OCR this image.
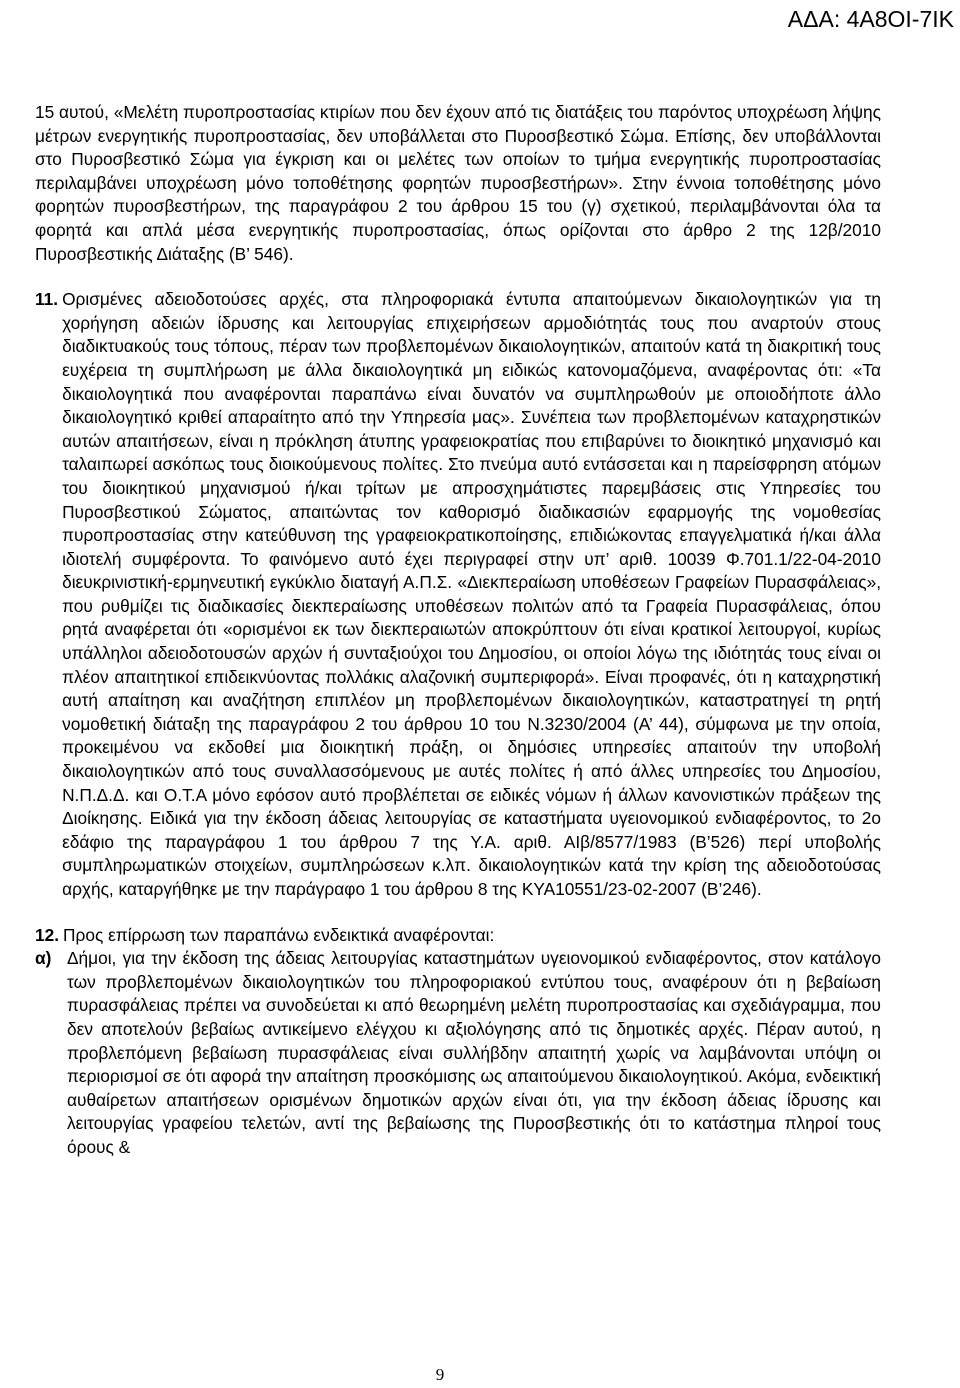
ΑΔΑ: 4Α8ΟΙ-7ΙΚ

15 αυτού, «Μελέτη πυροπροστασίας κτιρίων που δεν έχουν από τις διατάξεις του παρόντος υποχρέωση λήψης μέτρων ενεργητικής πυροπροστασίας, δεν υποβάλλεται στο Πυροσβεστικό Σώμα. Επίσης, δεν υποβάλλονται στο Πυροσβεστικό Σώμα για έγκριση και οι μελέτες των οποίων το τμήμα ενεργητικής πυροπροστασίας περιλαμβάνει υποχρέωση μόνο τοποθέτησης φορητών πυροσβεστήρων». Στην έννοια τοποθέτησης μόνο φορητών πυροσβεστήρων, της παραγράφου 2 του άρθρου 15 του (γ) σχετικού, περιλαμβάνονται όλα τα φορητά και απλά μέσα ενεργητικής πυροπροστασίας, όπως ορίζονται στο άρθρο 2 της 12β/2010 Πυροσβεστικής Διάταξης (Β’ 546).

11. Ορισμένες αδειοδοτούσες αρχές, στα πληροφοριακά έντυπα απαιτούμενων δικαιολογητικών για τη χορήγηση αδειών ίδρυσης και λειτουργίας επιχειρήσεων αρμοδιότητάς τους που αναρτούν στους διαδικτυακούς τους τόπους, πέραν των προβλεπομένων δικαιολογητικών, απαιτούν κατά τη διακριτική τους ευχέρεια τη συμπλήρωση με άλλα δικαιολογητικά μη ειδικώς κατονομαζόμενα, αναφέροντας ότι: «Τα δικαιολογητικά που αναφέρονται παραπάνω είναι δυνατόν να συμπληρωθούν με οποιοδήποτε άλλο δικαιολογητικό κριθεί απαραίτητο από την Υπηρεσία μας». Συνέπεια των προβλεπομένων καταχρηστικών αυτών απαιτήσεων, είναι η πρόκληση άτυπης γραφειοκρατίας που επιβαρύνει το διοικητικό μηχανισμό και ταλαιπωρεί ασκόπως τους διοικούμενους πολίτες. Στο πνεύμα αυτό εντάσσεται και η παρείσφρηση ατόμων του διοικητικού μηχανισμού ή/και τρίτων με απροσχημάτιστες παρεμβάσεις στις Υπηρεσίες του Πυροσβεστικού Σώματος, απαιτώντας τον καθορισμό διαδικασιών εφαρμογής της νομοθεσίας πυροπροστασίας στην κατεύθυνση της γραφειοκρατικοποίησης, επιδιώκοντας επαγγελματικά ή/και άλλα ιδιοτελή συμφέροντα. Το φαινόμενο αυτό έχει περιγραφεί στην υπ’ αριθ. 10039 Φ.701.1/22-04-2010 διευκρινιστική-ερμηνευτική εγκύκλιο διαταγή Α.Π.Σ. «Διεκπεραίωση υποθέσεων Γραφείων Πυρασφάλειας», που ρυθμίζει τις διαδικασίες διεκπεραίωσης υποθέσεων πολιτών από τα Γραφεία Πυρασφάλειας, όπου ρητά αναφέρεται ότι «ορισμένοι εκ των διεκπεραιωτών αποκρύπτουν ότι είναι κρατικοί λειτουργοί, κυρίως υπάλληλοι αδειοδοτουσών αρχών ή συνταξιούχοι του Δημοσίου, οι οποίοι λόγω της ιδιότητάς τους είναι οι πλέον απαιτητικοί επιδεικνύοντας πολλάκις αλαζονική συμπεριφορά». Είναι προφανές, ότι η καταχρηστική αυτή απαίτηση και αναζήτηση επιπλέον μη προβλεπομένων δικαιολογητικών, καταστρατηγεί τη ρητή νομοθετική διάταξη της παραγράφου 2 του άρθρου 10 του Ν.3230/2004 (Α’ 44), σύμφωνα με την οποία, προκειμένου να εκδοθεί μια διοικητική πράξη, οι δημόσιες υπηρεσίες απαιτούν την υποβολή δικαιολογητικών από τους συναλλασσόμενους με αυτές πολίτες ή από άλλες υπηρεσίες του Δημοσίου, Ν.Π.Δ.Δ. και Ο.Τ.Α μόνο εφόσον αυτό προβλέπεται σε ειδικές νόμων ή άλλων κανονιστικών πράξεων της Διοίκησης. Ειδικά για την έκδοση άδειας λειτουργίας σε καταστήματα υγειονομικού ενδιαφέροντος, το 2ο εδάφιο της παραγράφου 1 του άρθρου 7 της Υ.Α. αριθ. ΑΙβ/8577/1983 (Β’526) περί υποβολής συμπληρωματικών στοιχείων, συμπληρώσεων κ.λπ. δικαιολογητικών κατά την κρίση της αδειοδοτούσας αρχής, καταργήθηκε με την παράγραφο 1 του άρθρου 8 της ΚΥΑ10551/23-02-2007 (Β’246).
12. Προς επίρρωση των παραπάνω ενδεικτικά αναφέρονται:
α) Δήμοι, για την έκδοση της άδειας λειτουργίας καταστημάτων υγειονομικού ενδιαφέροντος, στον κατάλογο των προβλεπομένων δικαιολογητικών του πληροφοριακού εντύπου τους, αναφέρουν ότι η βεβαίωση πυρασφάλειας πρέπει να συνοδεύεται κι από θεωρημένη μελέτη πυροπροστασίας και σχεδιάγραμμα, που δεν αποτελούν βεβαίως αντικείμενο ελέγχου κι αξιολόγησης από τις δημοτικές αρχές. Πέραν αυτού, η προβλεπόμενη βεβαίωση πυρασφάλειας είναι συλλήβδην απαιτητή χωρίς να λαμβάνονται υπόψη οι περιορισμοί σε ότι αφορά την απαίτηση προσκόμισης ως απαιτούμενου δικαιολογητικού. Ακόμα, ενδεικτική αυθαίρετων απαιτήσεων ορισμένων δημοτικών αρχών είναι ότι, για την έκδοση άδειας ίδρυσης και λειτουργίας γραφείου τελετών, αντί της βεβαίωσης της Πυροσβεστικής ότι το κατάστημα πληροί τους όρους &
9
